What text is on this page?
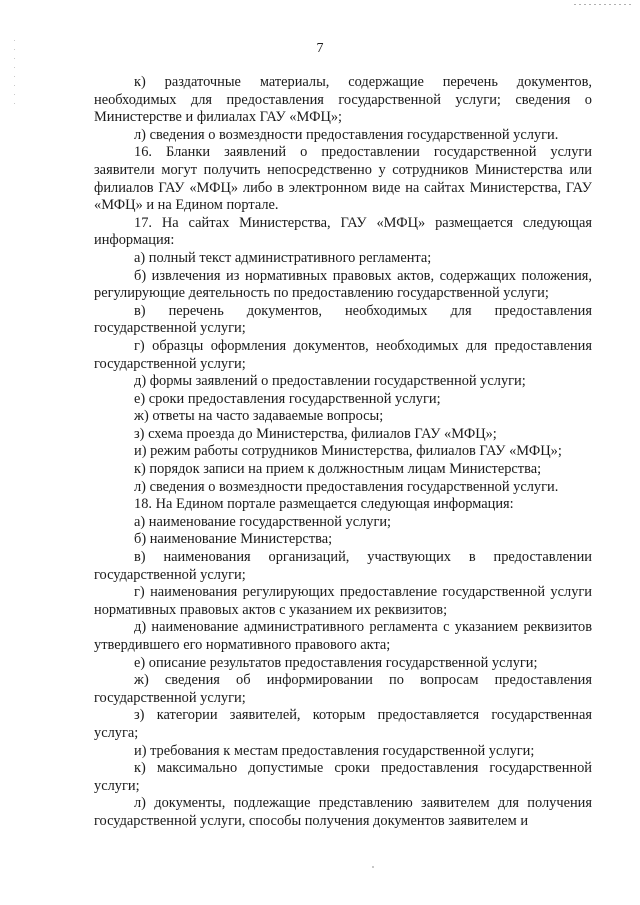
7

к) раздаточные материалы, содержащие перечень документов, необходимых для предоставления государственной услуги; сведения о Министерстве и филиалах ГАУ «МФЦ»;

л) сведения о возмездности предоставления государственной услуги.

16. Бланки заявлений о предоставлении государственной услуги заявители могут получить непосредственно у сотрудников Министерства или филиалов ГАУ «МФЦ» либо в электронном виде на сайтах Министерства, ГАУ «МФЦ» и на Едином портале.

17. На сайтах Министерства, ГАУ «МФЦ» размещается следующая информация:

а) полный текст административного регламента;

б) извлечения из нормативных правовых актов, содержащих положения, регулирующие деятельность по предоставлению государственной услуги;

в) перечень документов, необходимых для предоставления государственной услуги;

г) образцы оформления документов, необходимых для предоставления государственной услуги;

д) формы заявлений о предоставлении государственной услуги;

е) сроки предоставления государственной услуги;

ж) ответы на часто задаваемые вопросы;

з) схема проезда до Министерства, филиалов ГАУ «МФЦ»;

и) режим работы сотрудников Министерства, филиалов ГАУ «МФЦ»;

к) порядок записи на прием к должностным лицам Министерства;

л) сведения о возмездности предоставления государственной услуги.

18. На Едином портале размещается следующая информация:

а) наименование государственной услуги;

б) наименование Министерства;

в) наименования организаций, участвующих в предоставлении государственной услуги;

г) наименования регулирующих предоставление государственной услуги нормативных правовых актов с указанием их реквизитов;

д) наименование административного регламента с указанием реквизитов утвердившего его нормативного правового акта;

е) описание результатов предоставления государственной услуги;

ж) сведения об информировании по вопросам предоставления государственной услуги;

з) категории заявителей, которым предоставляется государственная услуга;

и) требования к местам предоставления государственной услуги;

к) максимально допустимые сроки предоставления государственной услуги;

л) документы, подлежащие представлению заявителем для получения государственной услуги, способы получения документов заявителем и
